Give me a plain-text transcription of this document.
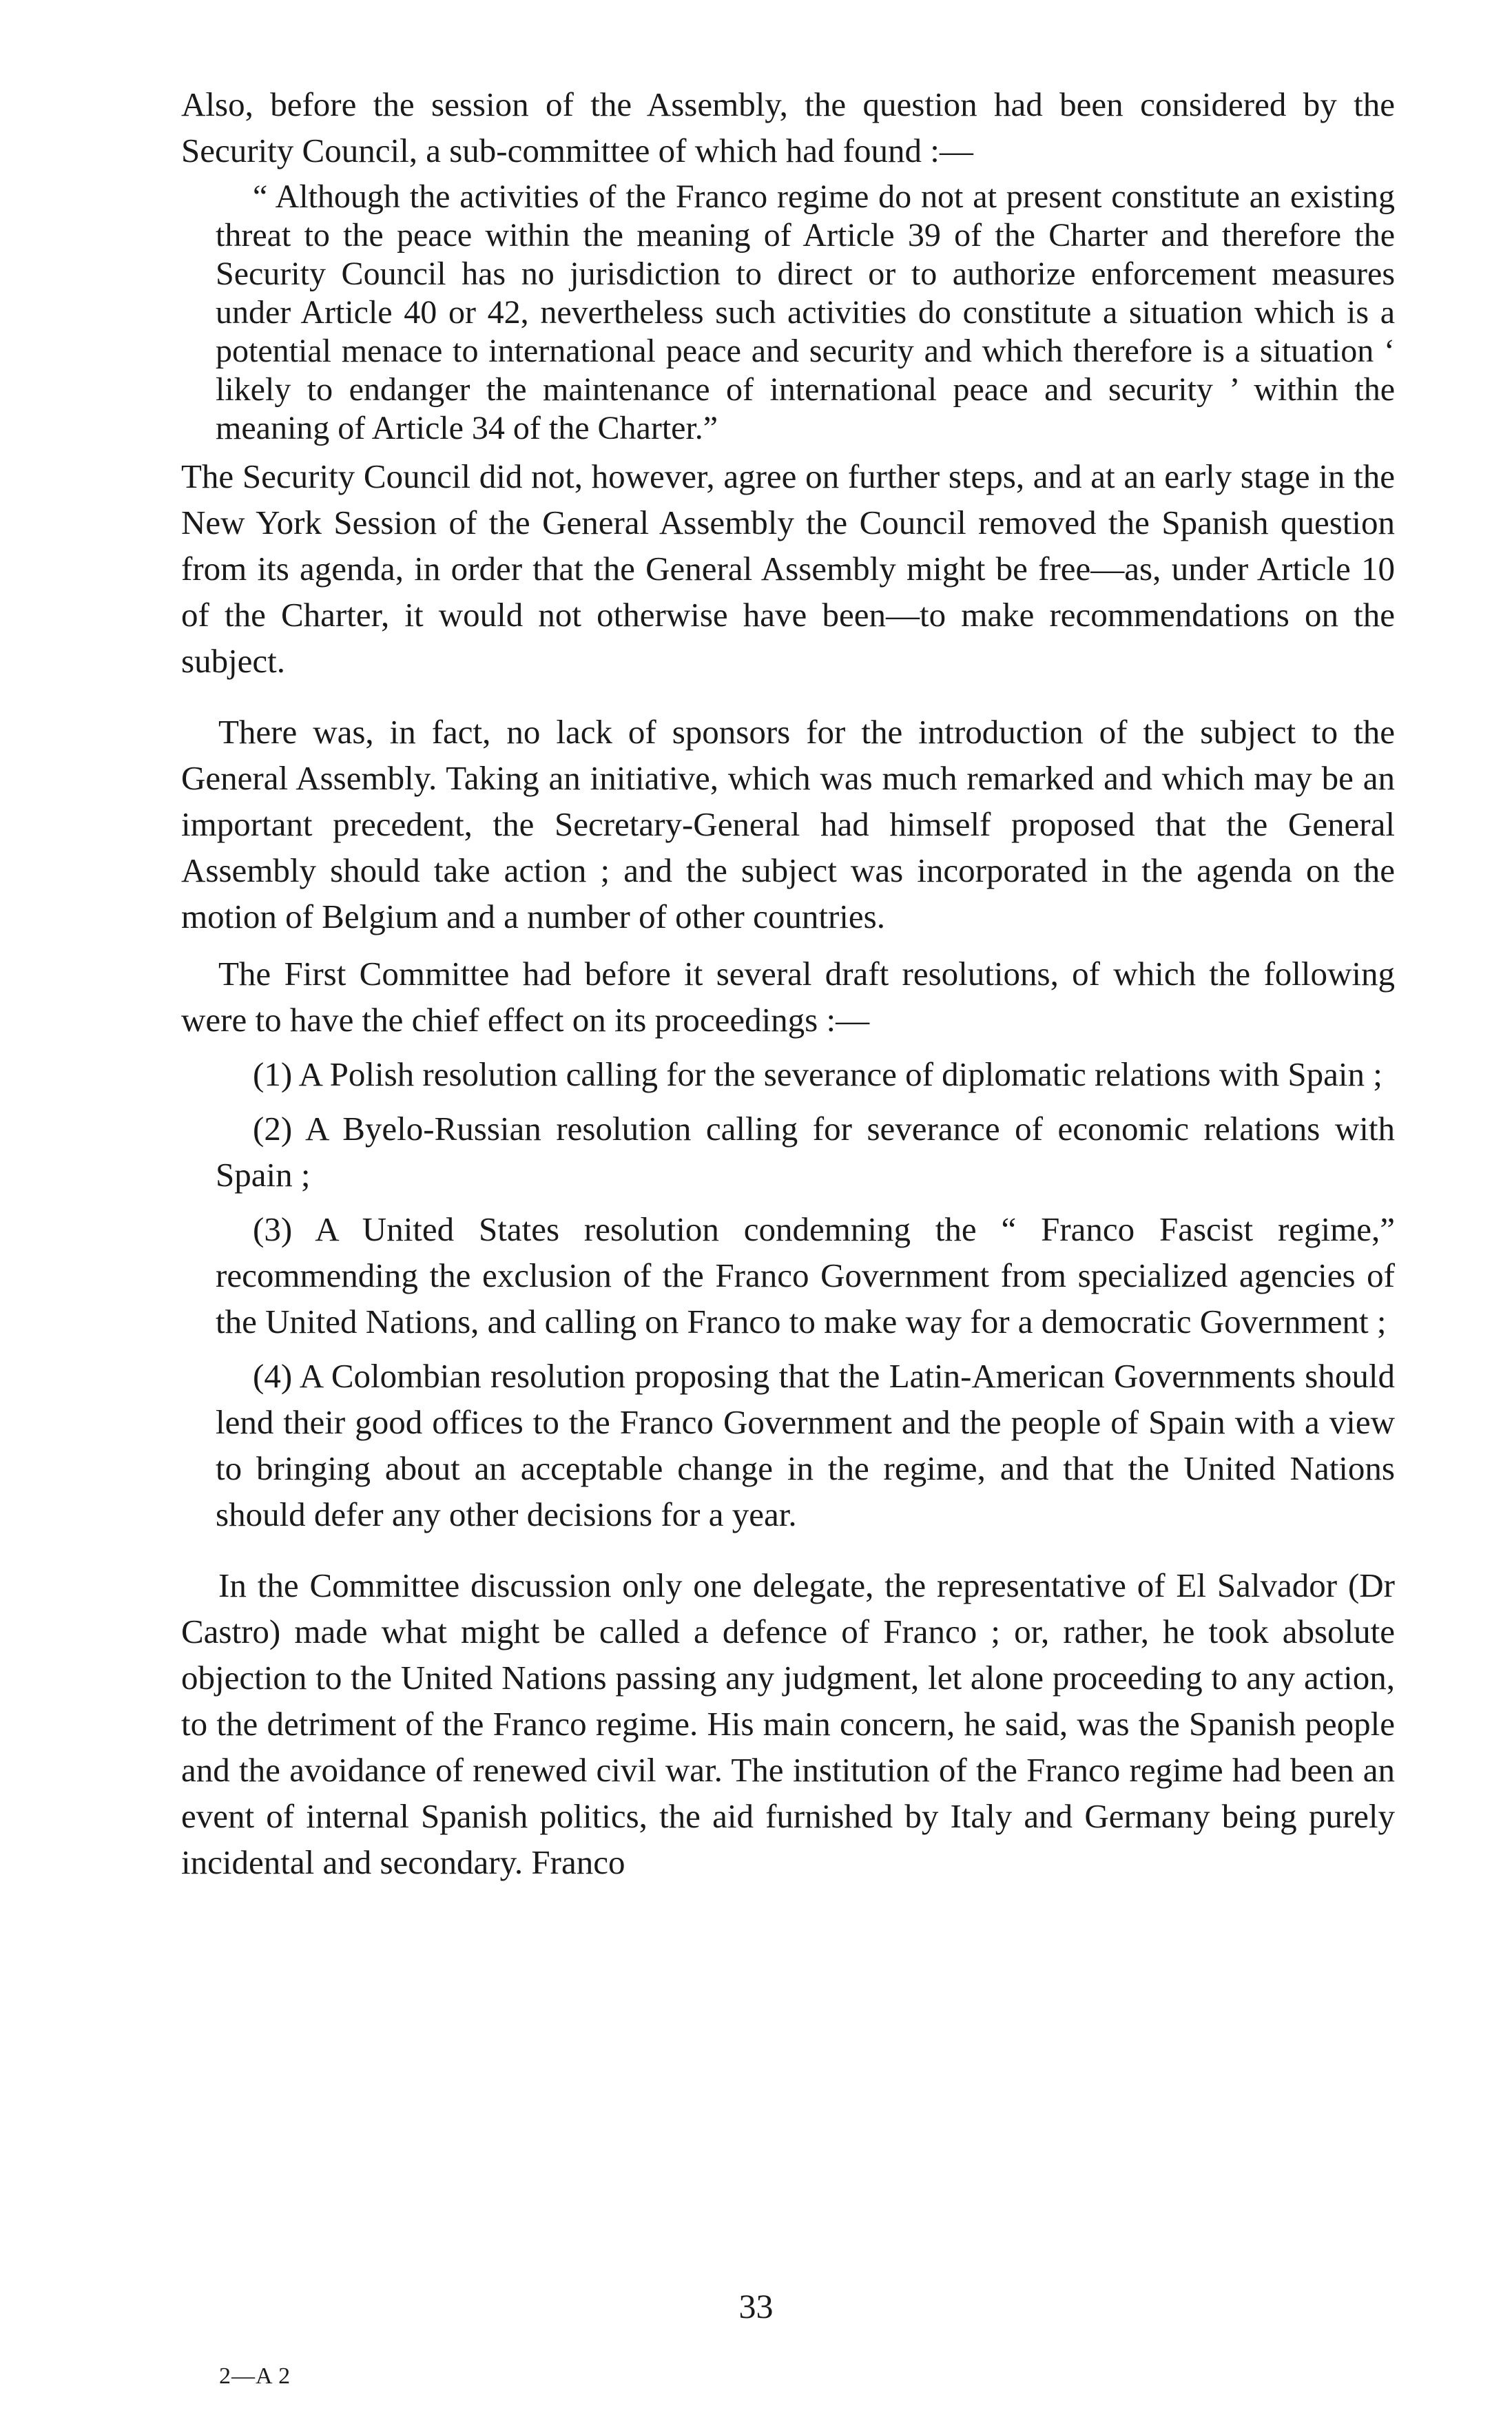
Also, before the session of the Assembly, the question had been considered by the Security Council, a sub-committee of which had found :—

“ Although the activities of the Franco regime do not at present constitute an existing threat to the peace within the meaning of Article 39 of the Charter and therefore the Security Council has no jurisdiction to direct or to authorize enforcement measures under Article 40 or 42, nevertheless such activities do constitute a situation which is a potential menace to international peace and security and which therefore is a situation ‘ likely to endanger the maintenance of international peace and security ’ within the meaning of Article 34 of the Charter.”

The Security Council did not, however, agree on further steps, and at an early stage in the New York Session of the General Assembly the Council removed the Spanish question from its agenda, in order that the General Assembly might be free—as, under Article 10 of the Charter, it would not otherwise have been—to make recommendations on the subject.

There was, in fact, no lack of sponsors for the introduction of the subject to the General Assembly. Taking an initiative, which was much remarked and which may be an important precedent, the Secretary-General had himself proposed that the General Assembly should take action ; and the subject was incorporated in the agenda on the motion of Belgium and a number of other countries.

The First Committee had before it several draft resolutions, of which the following were to have the chief effect on its proceedings :—

(1) A Polish resolution calling for the severance of diplomatic relations with Spain ;

(2) A Byelo-Russian resolution calling for severance of economic relations with Spain ;

(3) A United States resolution condemning the “ Franco Fascist regime,” recommending the exclusion of the Franco Government from specialized agencies of the United Nations, and calling on Franco to make way for a democratic Government ;

(4) A Colombian resolution proposing that the Latin-American Governments should lend their good offices to the Franco Government and the people of Spain with a view to bringing about an acceptable change in the regime, and that the United Nations should defer any other decisions for a year.

In the Committee discussion only one delegate, the representative of El Salvador (Dr Castro) made what might be called a defence of Franco ; or, rather, he took absolute objection to the United Nations passing any judgment, let alone proceeding to any action, to the detriment of the Franco regime. His main concern, he said, was the Spanish people and the avoidance of renewed civil war. The institution of the Franco regime had been an event of internal Spanish politics, the aid furnished by Italy and Germany being purely incidental and secondary. Franco

33
2—A 2
